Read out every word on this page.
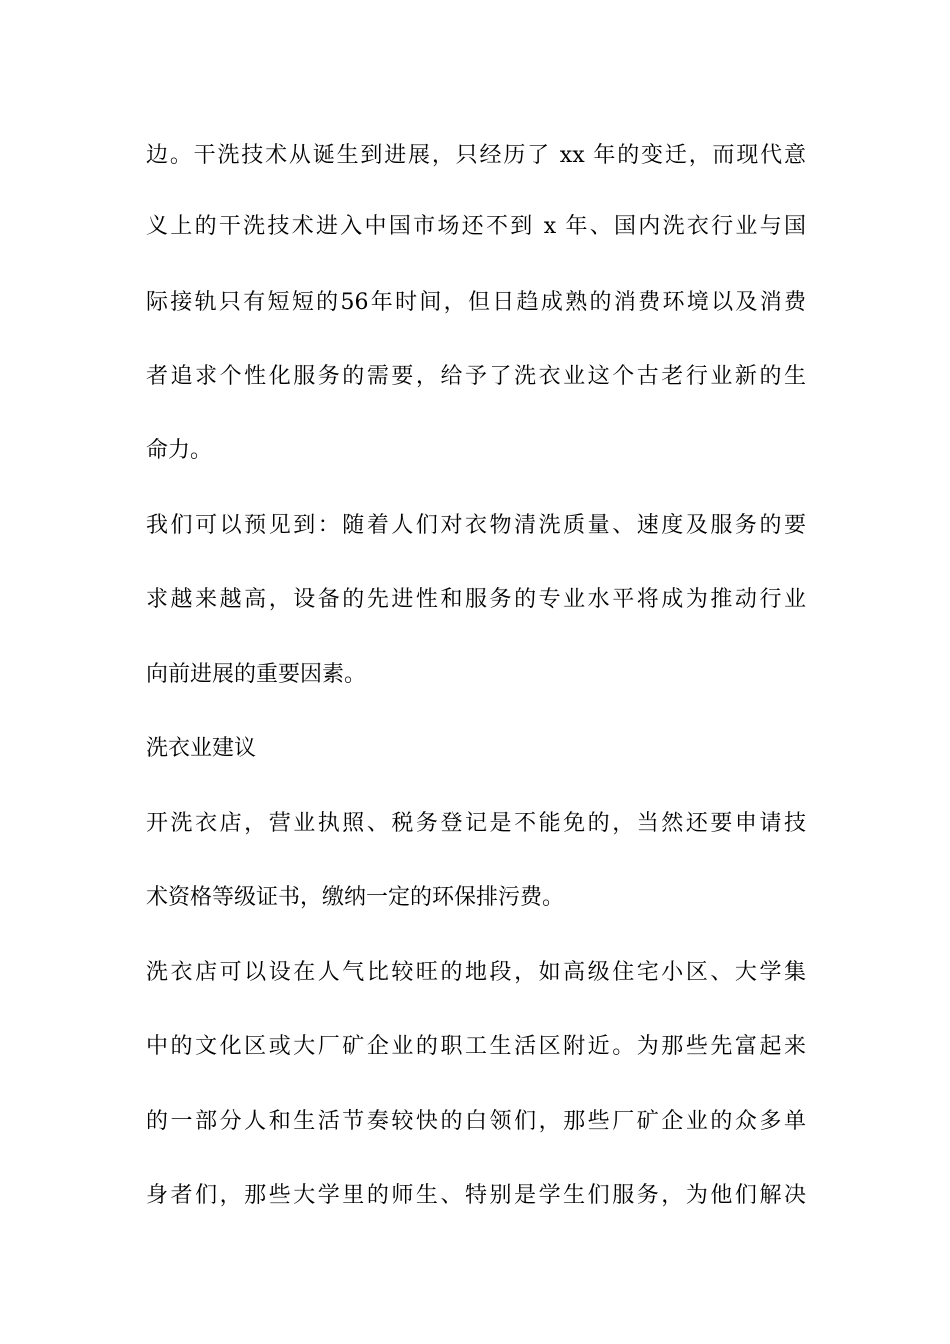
边。干洗技术从诞生到进展，只经历了 xx 年的变迁，而现代意
义上的干洗技术进入中国市场还不到 x 年、国内洗衣行业与国
际接轨只有短短的56年时间，但日趋成熟的消费环境以及消费
者追求个性化服务的需要，给予了洗衣业这个古老行业新的生
命力。
我们可以预见到：随着人们对衣物清洗质量、速度及服务的要
求越来越高，设备的先进性和服务的专业水平将成为推动行业
向前进展的重要因素。
洗衣业建议
开洗衣店，营业执照、税务登记是不能免的，当然还要申请技
术资格等级证书，缴纳一定的环保排污费。
洗衣店可以设在人气比较旺的地段，如高级住宅小区、大学集
中的文化区或大厂矿企业的职工生活区附近。为那些先富起来
的一部分人和生活节奏较快的白领们，那些厂矿企业的众多单
身者们，那些大学里的师生、特别是学生们服务，为他们解决
